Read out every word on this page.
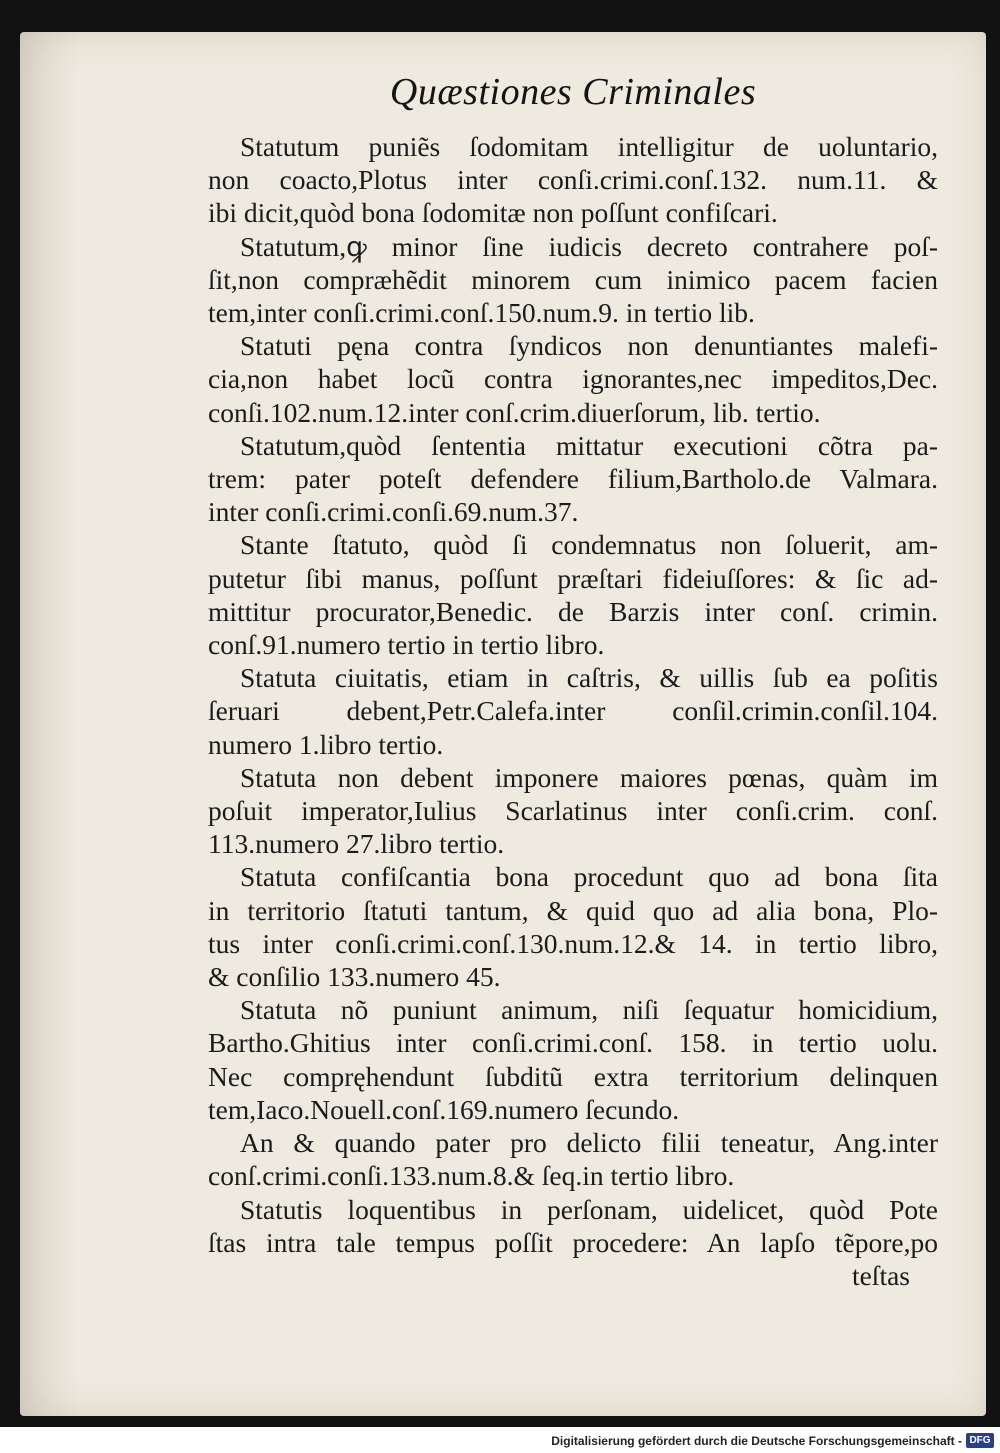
Quæstiones Criminales
Statutum puniẽs ſodomitam intelligitur de uoluntario,
non coacto,Plotus inter conſi.crimi.conſ.132. num.11. &
ibi dicit,quòd bona ſodomitæ non poſſunt confiſcari.
Statutum,ꝙ minor ſine iudicis decreto contrahere poſ-
ſit,non compræhẽdit minorem cum inimico pacem facien
tem,inter conſi.crimi.conſ.150.num.9. in tertio lib.
Statuti pęna contra ſyndicos non denuntiantes malefi-
cia,non habet locũ contra ignorantes,nec impeditos,Dec.
conſi.102.num.12.inter conſ.crim.diuerſorum, lib. tertio.
Statutum,quòd ſententia mittatur executioni cõtra pa-
trem: pater poteſt defendere filium,Bartholo.de Valmara.
inter conſi.crimi.conſi.69.num.37.
Stante ſtatuto, quòd ſi condemnatus non ſoluerit, am-
putetur ſibi manus, poſſunt præſtari fideiuſſores: & ſic ad-
mittitur procurator,Benedic. de Barzis inter conſ. crimin.
conſ.91.numero tertio in tertio libro.
Statuta ciuitatis, etiam in caſtris, & uillis ſub ea poſitis
ſeruari debent,Petr.Calefa.inter conſil.crimin.conſil.104.
numero 1.libro tertio.
Statuta non debent imponere maiores pœnas, quàm im
poſuit imperator,Iulius Scarlatinus inter conſi.crim. conſ.
113.numero 27.libro tertio.
Statuta confiſcantia bona procedunt quo ad bona ſita
in territorio ſtatuti tantum, & quid quo ad alia bona, Plo-
tus inter conſi.crimi.conſ.130.num.12.& 14. in tertio libro,
& conſilio 133.numero 45.
Statuta nõ puniunt animum, niſi ſequatur homicidium,
Bartho.Ghitius inter conſi.crimi.conſ. 158. in tertio uolu.
Nec compręhendunt ſubditũ extra territorium delinquen
tem,Iaco.Nouell.conſ.169.numero ſecundo.
An & quando pater pro delicto filii teneatur, Ang.inter
conſ.crimi.conſi.133.num.8.& ſeq.in tertio libro.
Statutis loquentibus in perſonam, uidelicet, quòd Pote
ſtas intra tale tempus poſſit procedere: An lapſo tẽpore,po
teſtas
Digitalisierung gefördert durch die Deutsche Forschungsgemeinschaft - DFG
